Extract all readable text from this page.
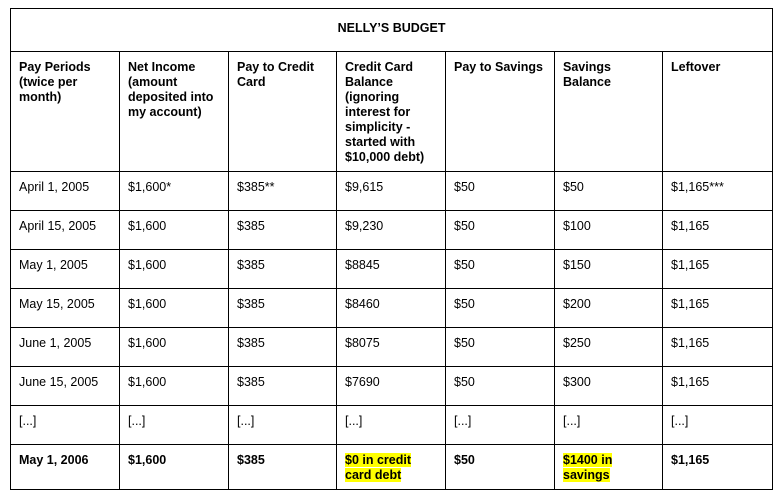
NELLY’S BUDGET						
Pay Periods (twice per month)	Net Income (amount deposited into my account)	Pay to Credit Card	Credit Card Balance (ignoring interest for simplicity - started with $10,000 debt)	Pay to Savings	Savings Balance	Leftover
April 1, 2005	$1,600*	$385**	$9,615	$50	$50	$1,165***
April 15, 2005	$1,600	$385	$9,230	$50	$100	$1,165
May 1, 2005	$1,600	$385	$8845	$50	$150	$1,165
May 15, 2005	$1,600	$385	$8460	$50	$200	$1,165
June 1, 2005	$1,600	$385	$8075	$50	$250	$1,165
June 15, 2005	$1,600	$385	$7690	$50	$300	$1,165
[...]	[...]	[...]	[...]	[...]	[...]	[...]
May 1, 2006	$1,600	$385	$0 in credit card debt	$50	$1400 in savings	$1,165
